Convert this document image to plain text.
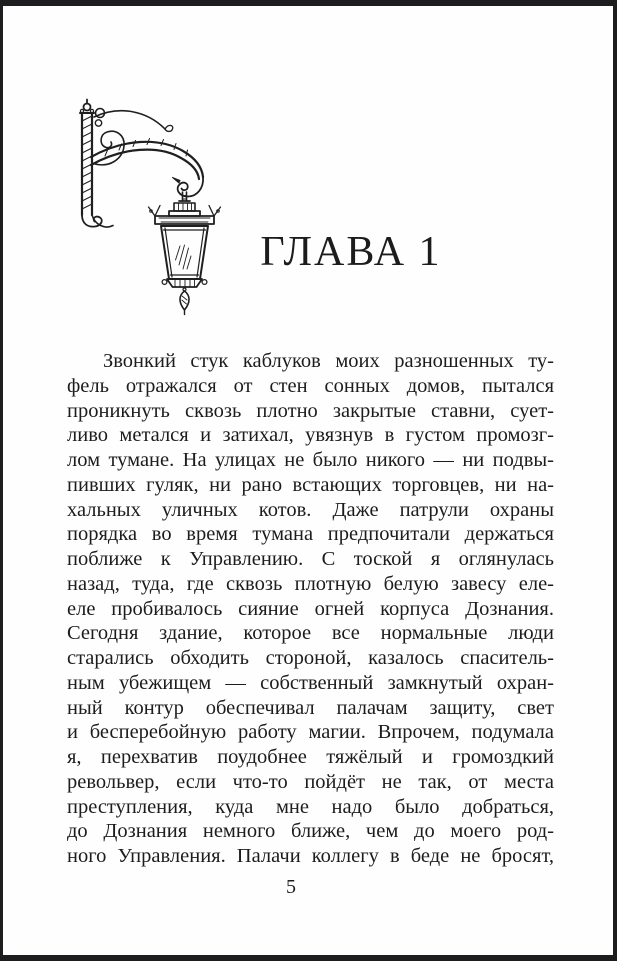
ГЛАВА 1
Звонкий стук каблуков моих разношенных ту-
фель отражался от стен сонных домов, пытался
проникнуть сквозь плотно закрытые ставни, сует-
ливо метался и затихал, увязнув в густом промозг-
лом тумане. На улицах не было никого — ни подвы-
пивших гуляк, ни рано встающих торговцев, ни на-
хальных уличных котов. Даже патрули охраны
порядка во время тумана предпочитали держаться
поближе к Управлению. С тоской я оглянулась
назад, туда, где сквозь плотную белую завесу еле-
еле пробивалось сияние огней корпуса Дознания.
Сегодня здание, которое все нормальные люди
старались обходить стороной, казалось спаситель-
ным убежищем — собственный замкнутый охран-
ный контур обеспечивал палачам защиту, свет
и бесперебойную работу магии. Впрочем, подумала
я, перехватив поудобнее тяжёлый и громоздкий
револьвер, если что-то пойдёт не так, от места
преступления, куда мне надо было добраться,
до Дознания немного ближе, чем до моего род-
ного Управления. Палачи коллегу в беде не бросят,
5
